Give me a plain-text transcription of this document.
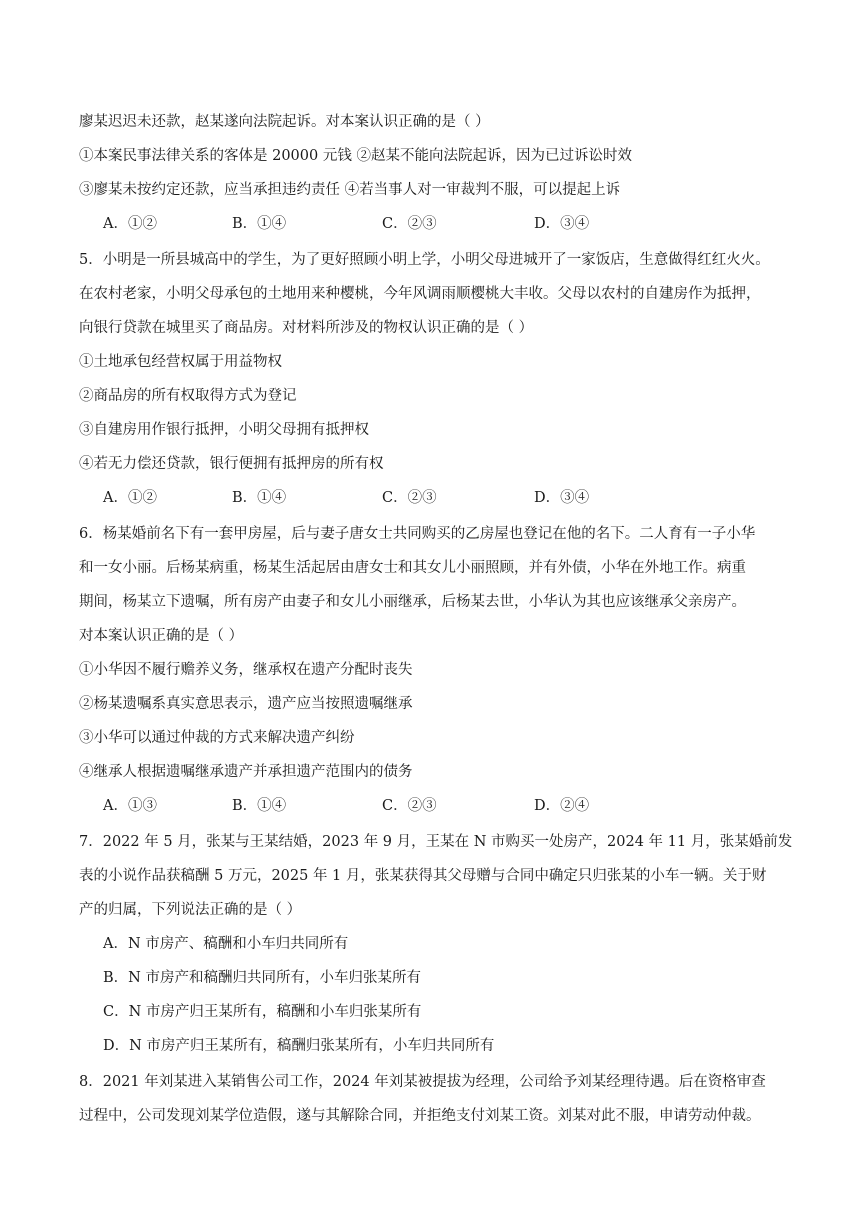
廖某迟迟未还款，赵某遂向法院起诉。对本案认识正确的是（ ）
①本案民事法律关系的客体是 20000 元钱 ②赵某不能向法院起诉，因为已过诉讼时效
③廖某未按约定还款，应当承担违约责任 ④若当事人对一审裁判不服，可以提起上诉
A．①②	B．①④	C．②③	D．③④
5．小明是一所县城高中的学生，为了更好照顾小明上学，小明父母进城开了一家饭店，生意做得红红火火。
在农村老家，小明父母承包的土地用来种樱桃，今年风调雨顺樱桃大丰收。父母以农村的自建房作为抵押，
向银行贷款在城里买了商品房。对材料所涉及的物权认识正确的是（ ）
①土地承包经营权属于用益物权
②商品房的所有权取得方式为登记
③自建房用作银行抵押，小明父母拥有抵押权
④若无力偿还贷款，银行便拥有抵押房的所有权
A．①②	B．①④	C．②③	D．③④
6．杨某婚前名下有一套甲房屋，后与妻子唐女士共同购买的乙房屋也登记在他的名下。二人育有一子小华
和一女小丽。后杨某病重，杨某生活起居由唐女士和其女儿小丽照顾，并有外债，小华在外地工作。病重
期间，杨某立下遗嘱，所有房产由妻子和女儿小丽继承，后杨某去世，小华认为其也应该继承父亲房产。
对本案认识正确的是（ ）
①小华因不履行赡养义务，继承权在遗产分配时丧失
②杨某遗嘱系真实意思表示，遗产应当按照遗嘱继承
③小华可以通过仲裁的方式来解决遗产纠纷
④继承人根据遗嘱继承遗产并承担遗产范围内的债务
A．①③	B．①④	C．②③	D．②④
7．2022 年 5 月，张某与王某结婚，2023 年 9 月，王某在 N 市购买一处房产，2024 年 11 月，张某婚前发
表的小说作品获稿酬 5 万元，2025 年 1 月，张某获得其父母赠与合同中确定只归张某的小车一辆。关于财
产的归属，下列说法正确的是（ ）
A．N 市房产、稿酬和小车归共同所有
B．N 市房产和稿酬归共同所有，小车归张某所有
C．N 市房产归王某所有，稿酬和小车归张某所有
D．N 市房产归王某所有，稿酬归张某所有，小车归共同所有
8．2021 年刘某进入某销售公司工作，2024 年刘某被提拔为经理，公司给予刘某经理待遇。后在资格审查
过程中，公司发现刘某学位造假，遂与其解除合同，并拒绝支付刘某工资。刘某对此不服，申请劳动仲裁。
